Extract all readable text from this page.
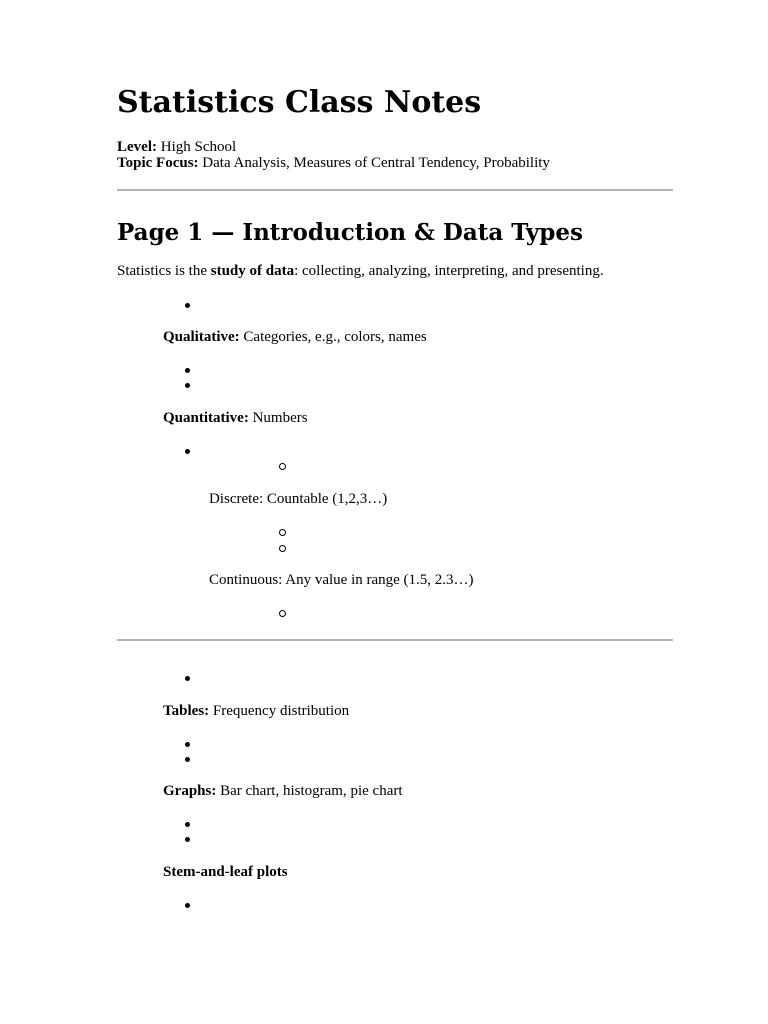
Statistics Class Notes
Level: High School
Topic Focus: Data Analysis, Measures of Central Tendency, Probability
Page 1 — Introduction & Data Types
Statistics is the study of data: collecting, analyzing, interpreting, and presenting.
Qualitative: Categories, e.g., colors, names
Quantitative: Numbers
Discrete: Countable (1,2,3…)
Continuous: Any value in range (1.5, 2.3…)
Tables: Frequency distribution
Graphs: Bar chart, histogram, pie chart
Stem-and-leaf plots
